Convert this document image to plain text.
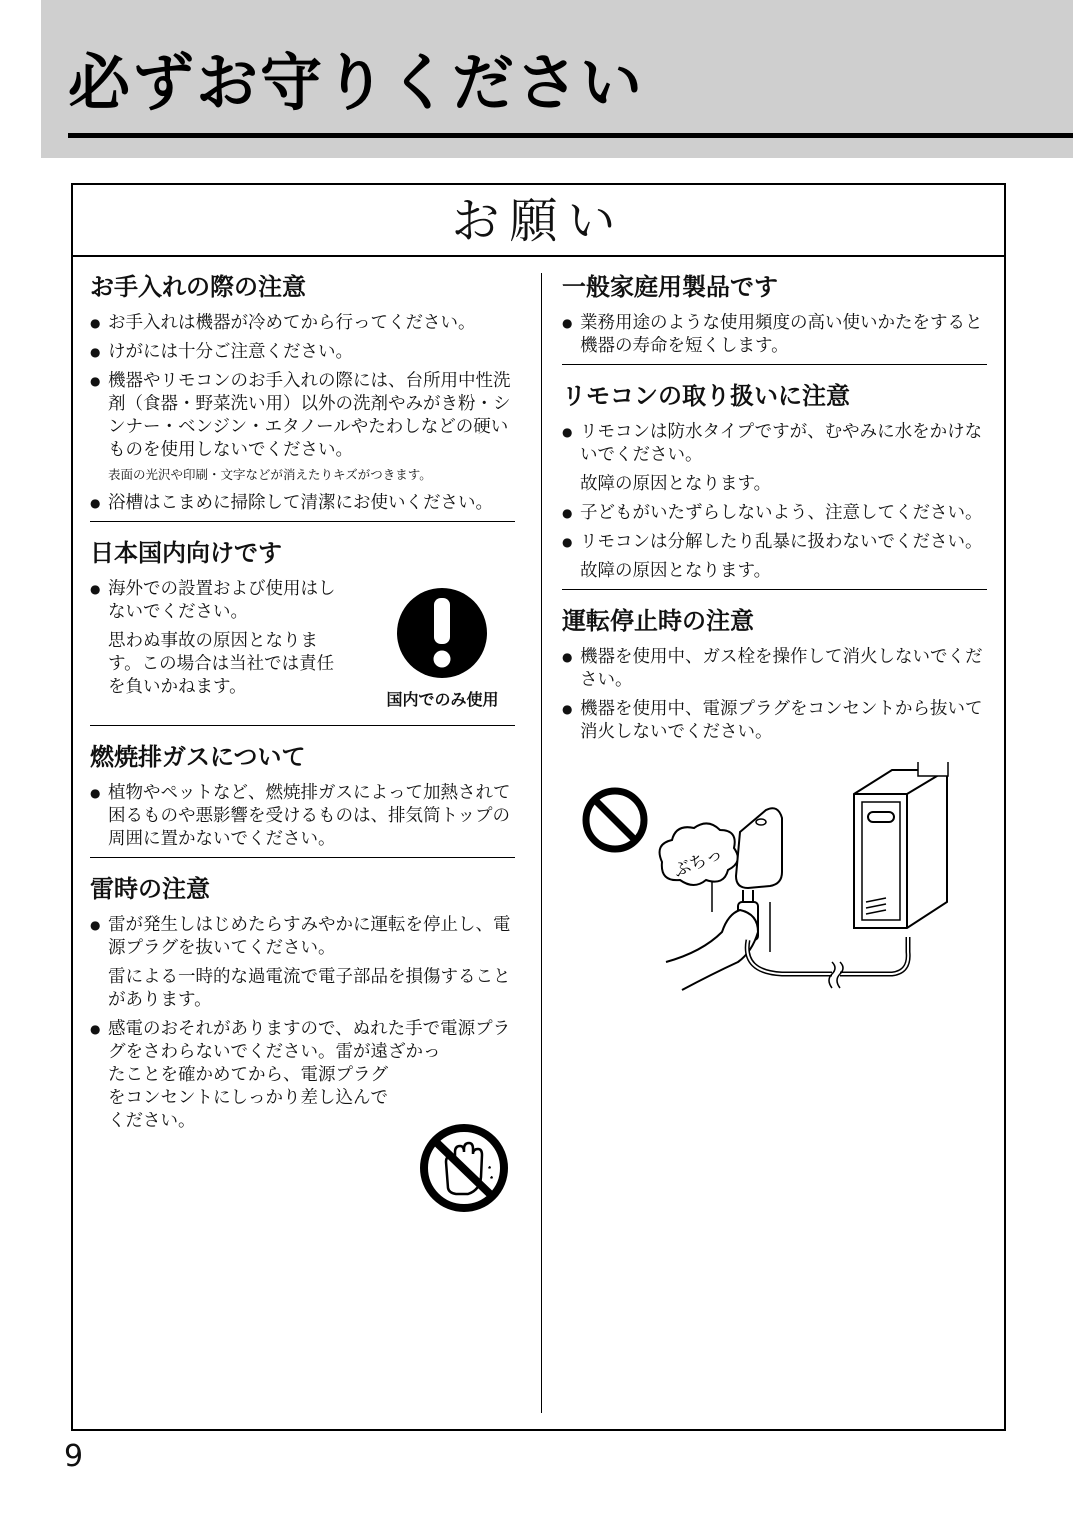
必ずお守りください
お願い
お手入れの際の注意
● お手入れは機器が冷めてから行ってください。
● けがには十分ご注意ください。
● 機器やリモコンのお手入れの際には、台所用中性洗剤（食器・野菜洗い用）以外の洗剤やみがき粉・シンナー・ベンジン・エタノールやたわしなどの硬いものを使用しないでください。
表面の光沢や印刷・文字などが消えたりキズがつきます。
● 浴槽はこまめに掃除して清潔にお使いください。
日本国内向けです
● 海外での設置および使用はしないでください。
思わぬ事故の原因となります。この場合は当社では責任を負いかねます。
国内でのみ使用
燃焼排ガスについて
● 植物やペットなど、燃焼排ガスによって加熱されて困るものや悪影響を受けるものは、排気筒トップの周囲に置かないでください。
雷時の注意
● 雷が発生しはじめたらすみやかに運転を停止し、電源プラグを抜いてください。
雷による一時的な過電流で電子部品を損傷することがあります。
● 感電のおそれがありますので、ぬれた手で電源プラグをさわらないでください。雷が遠ざかっ
たことを確かめてから、電源プラグをコンセントにしっかり差し込んでください。
一般家庭用製品です
● 業務用途のような使用頻度の高い使いかたをすると機器の寿命を短くします。
リモコンの取り扱いに注意
● リモコンは防水タイプですが、むやみに水をかけないでください。
故障の原因となります。
● 子どもがいたずらしないよう、注意してください。
● リモコンは分解したり乱暴に扱わないでください。
故障の原因となります。
運転停止時の注意
● 機器を使用中、ガス栓を操作して消火しないでください。
● 機器を使用中、電源プラグをコンセントから抜いて消火しないでください。
ぶちっ
9
